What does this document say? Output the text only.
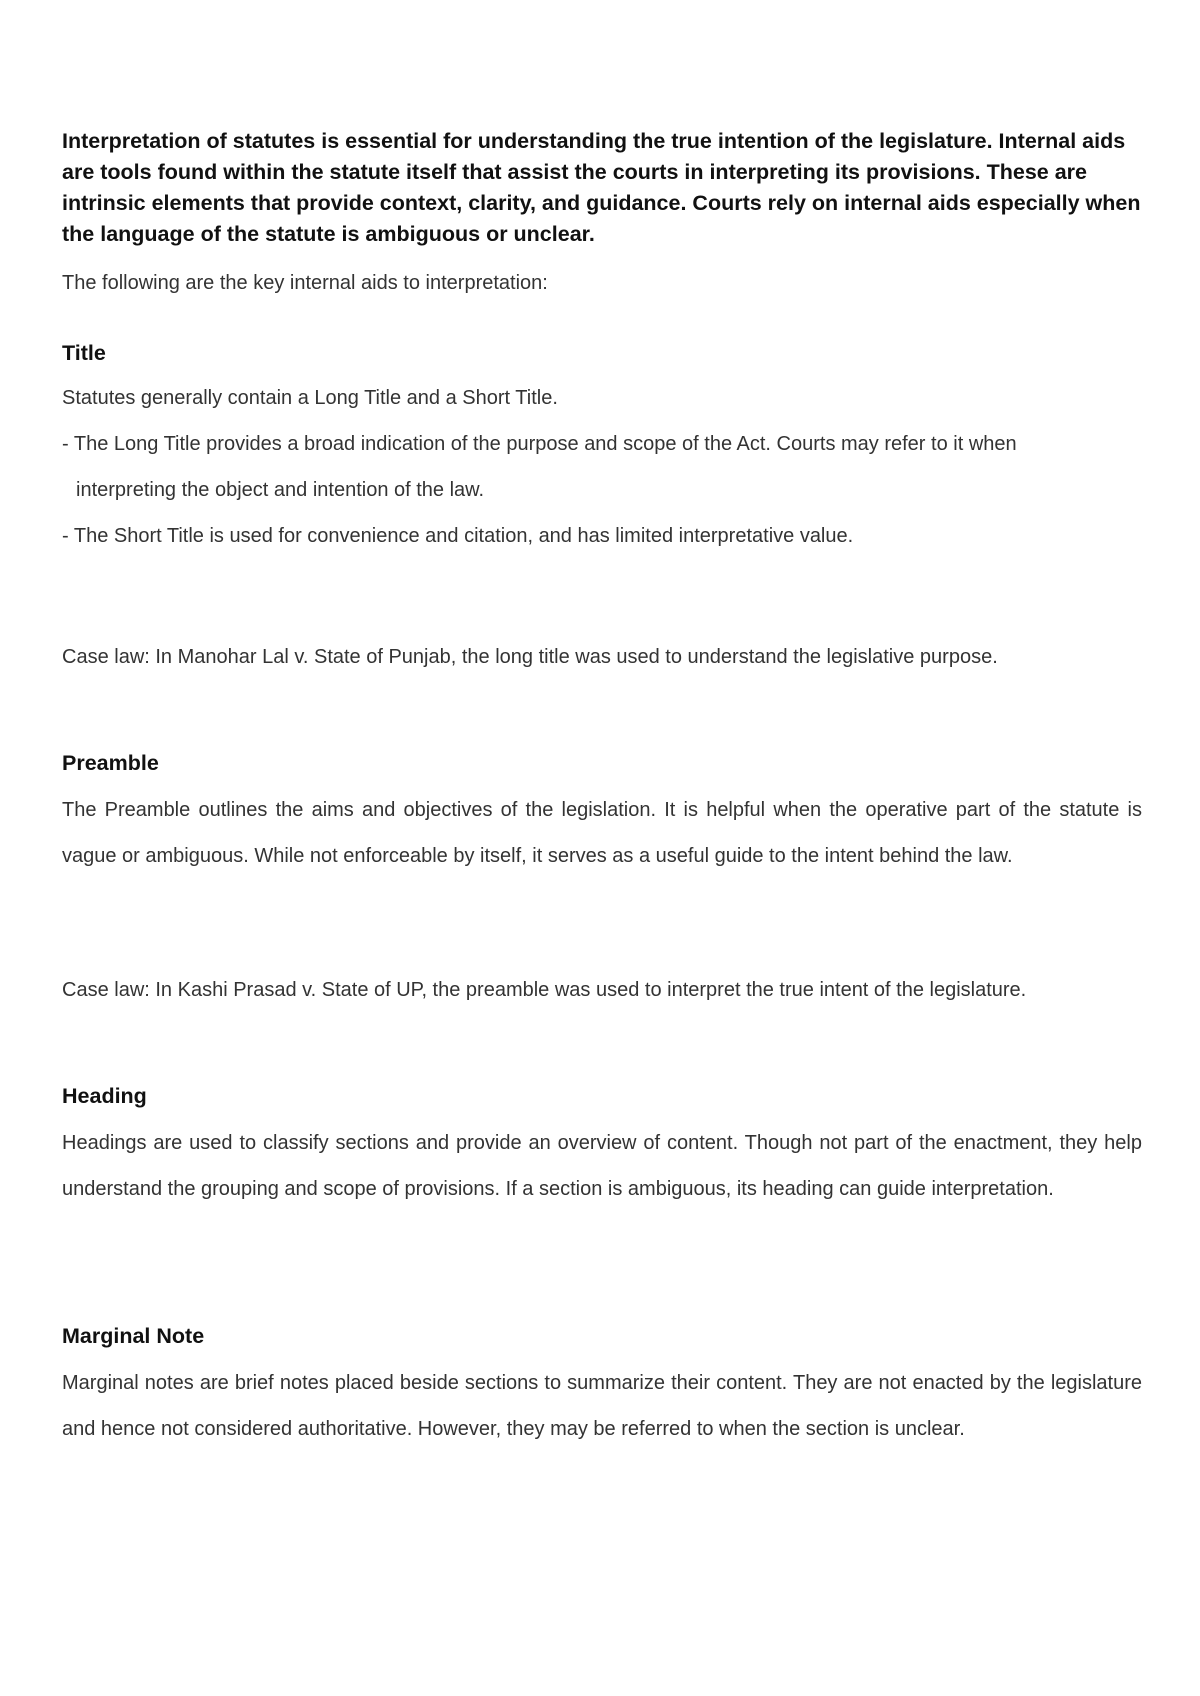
Interpretation of statutes is essential for understanding the true intention of the legislature. Internal aids are tools found within the statute itself that assist the courts in interpreting its provisions. These are intrinsic elements that provide context, clarity, and guidance. Courts rely on internal aids especially when the language of the statute is ambiguous or unclear.

The following are the key internal aids to interpretation:

Title
Statutes generally contain a Long Title and a Short Title.
- The Long Title provides a broad indication of the purpose and scope of the Act. Courts may refer to it when
interpreting the object and intention of the law.
- The Short Title is used for convenience and citation, and has limited interpretative value.

Case law: In Manohar Lal v. State of Punjab, the long title was used to understand the legislative purpose.

Preamble

The Preamble outlines the aims and objectives of the legislation. It is helpful when the operative part of the statute is vague or ambiguous. While not enforceable by itself, it serves as a useful guide to the intent behind the law.

Case law: In Kashi Prasad v. State of UP, the preamble was used to interpret the true intent of the legislature.

Heading

Headings are used to classify sections and provide an overview of content. Though not part of the enactment, they help understand the grouping and scope of provisions. If a section is ambiguous, its heading can guide interpretation.

Marginal Note

Marginal notes are brief notes placed beside sections to summarize their content. They are not enacted by the legislature and hence not considered authoritative. However, they may be referred to when the section is unclear.
